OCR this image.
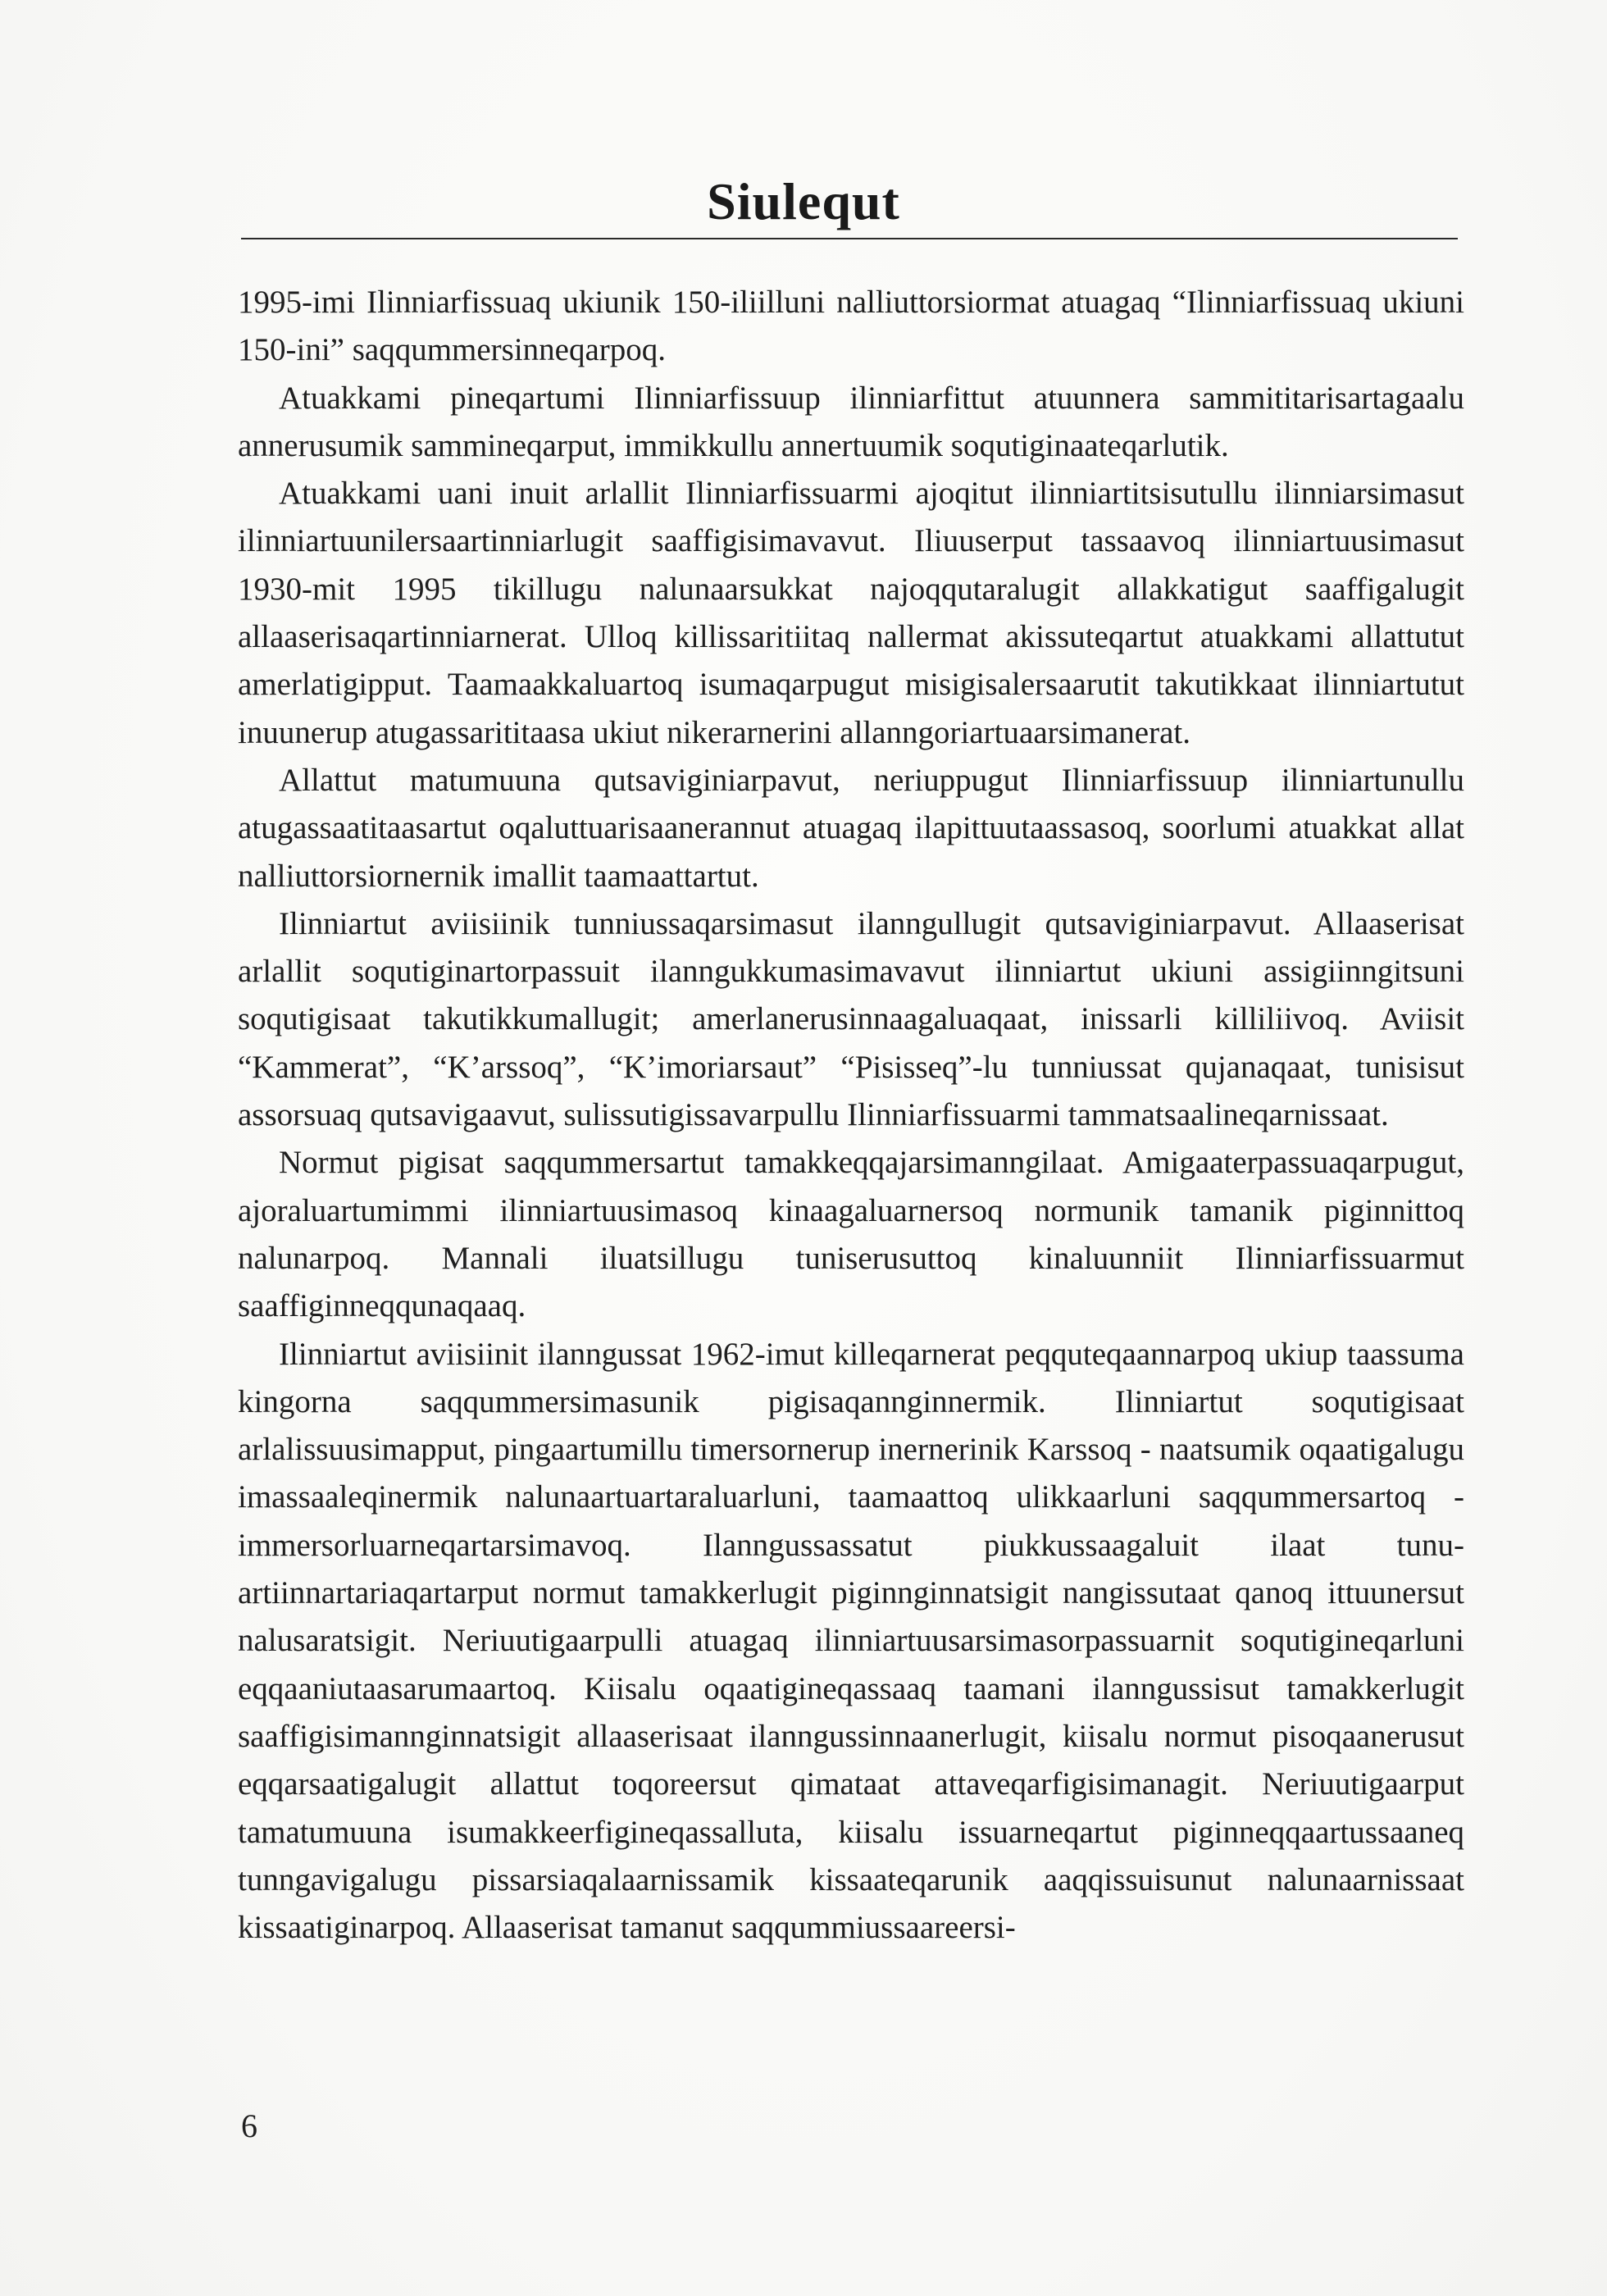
Siulequt

1995-imi Ilinniarfissuaq ukiunik 150-iliilluni nalliuttorsiormat atuagaq “Ilinniarfissuaq ukiuni 150-ini” saqqummersinneqarpoq.

Atuakkami pineqartumi Ilinniarfissuup ilinniarfittut atuunnera sammititarisartagaalu annerusumik sammineqarput, immikkullu annertuumik soqutiginaateqarlutik.

Atuakkami uani inuit arlallit Ilinniarfissuarmi ajoqitut ilinniartitsisutullu ilinniarsimasut ilinniartuunilersaartinniarlugit saaffigisimavavut. Iliuuserput tassaavoq ilinniartuusimasut 1930-mit 1995 tikillugu nalunaarsukkat najoqqutaralugit allakkatigut saaffigalugit allaaserisaqartinniarnerat. Ulloq killissaritiitaq nallermat akissuteqartut atuakkami allattutut amerlatigipput. Taamaakkaluartoq isumaqarpugut misigisalersaarutit takutikkaat ilinniartutut inuunerup atugassarititaasa ukiut nikerarnerini allanngoriartuaarsimanerat.

Allattut matumuuna qutsaviginiarpavut, neriuppugut Ilinniarfissuup ilinniartunullu atugassaatitaasartut oqaluttuarisaanerannut atuagaq ilapittuutaassasoq, soorlumi atuakkat allat nalliuttorsiornernik imallit taamaattartut.

Ilinniartut aviisiinik tunniussaqarsimasut ilanngullugit qutsaviginiarpavut. Allaaserisat arlallit soqutiginartorpassuit ilanngukkumasimavavut ilinniartut ukiuni assigiinngitsuni soqutigisaat takutikkumallugit; amerlanerusinnaagaluaqaat, inissarli killiliivoq. Aviisit “Kammerat”, “K’arssoq”, “K’imoriarsaut” “Pisisseq”-lu tunniussat qujanaqaat, tunisisut assorsuaq qutsavigaavut, sulissutigissavarpullu Ilinniarfissuarmi tammatsaalineqarnissaat.

Normut pigisat saqqummersartut tamakkeqqajarsimanngilaat. Amigaaterpassuaqarpugut, ajoraluartumimmi ilinniartuusimasoq kinaagaluarnersoq normunik tamanik piginnittoq nalunarpoq. Mannali iluatsillugu tuniserusuttoq kinaluunniit Ilinniarfissuarmut saaffiginneqqunaqaaq.

Ilinniartut aviisiinit ilanngussat 1962-imut killeqarnerat peqquteqaannarpoq ukiup taassuma kingorna saqqummersimasunik pigisaqannginnermik. Ilinniartut soqutigisaat arlalissuusimapput, pingaartumillu timersornerup inernerinik Karssoq - naatsumik oqaatigalugu imassaaleqinermik nalunaartuartaraluarluni, taamaattoq ulikkaarluni saqqummersartoq - immersorluarneqartarsimavoq. Ilanngussassatut piukkussaagaluit ilaat tunuartiinnartariaqartarput normut tamakkerlugit piginnginnatsigit nangissutaat qanoq ittuunersut nalusaratsigit. Neriuutigaarpulli atuagaq ilinniartuusarsimasorpassuarnit soqutigineqarluni eqqaaniutaasarumaartoq. Kiisalu oqaatigineqassaaq taamani ilanngussisut tamakkerlugit saaffigisimannginnatsigit allaaserisaat ilanngussinnaanerlugit, kiisalu normut pisoqaanerusut eqqarsaatigalugit allattut toqoreersut qimataat attaveqarfigisimanagit. Neriuutigaarput tamatumuuna isumakkeerfigineqassalluta, kiisalu issuarneqartut piginneqqaartussaaneq tunngavigalugu pissarsiaqalaarnissamik kissaateqarunik aaqqissuisunut nalunaarnissaat kissaatiginarpoq. Allaaserisat tamanut saqqummiussaareersi-

6
